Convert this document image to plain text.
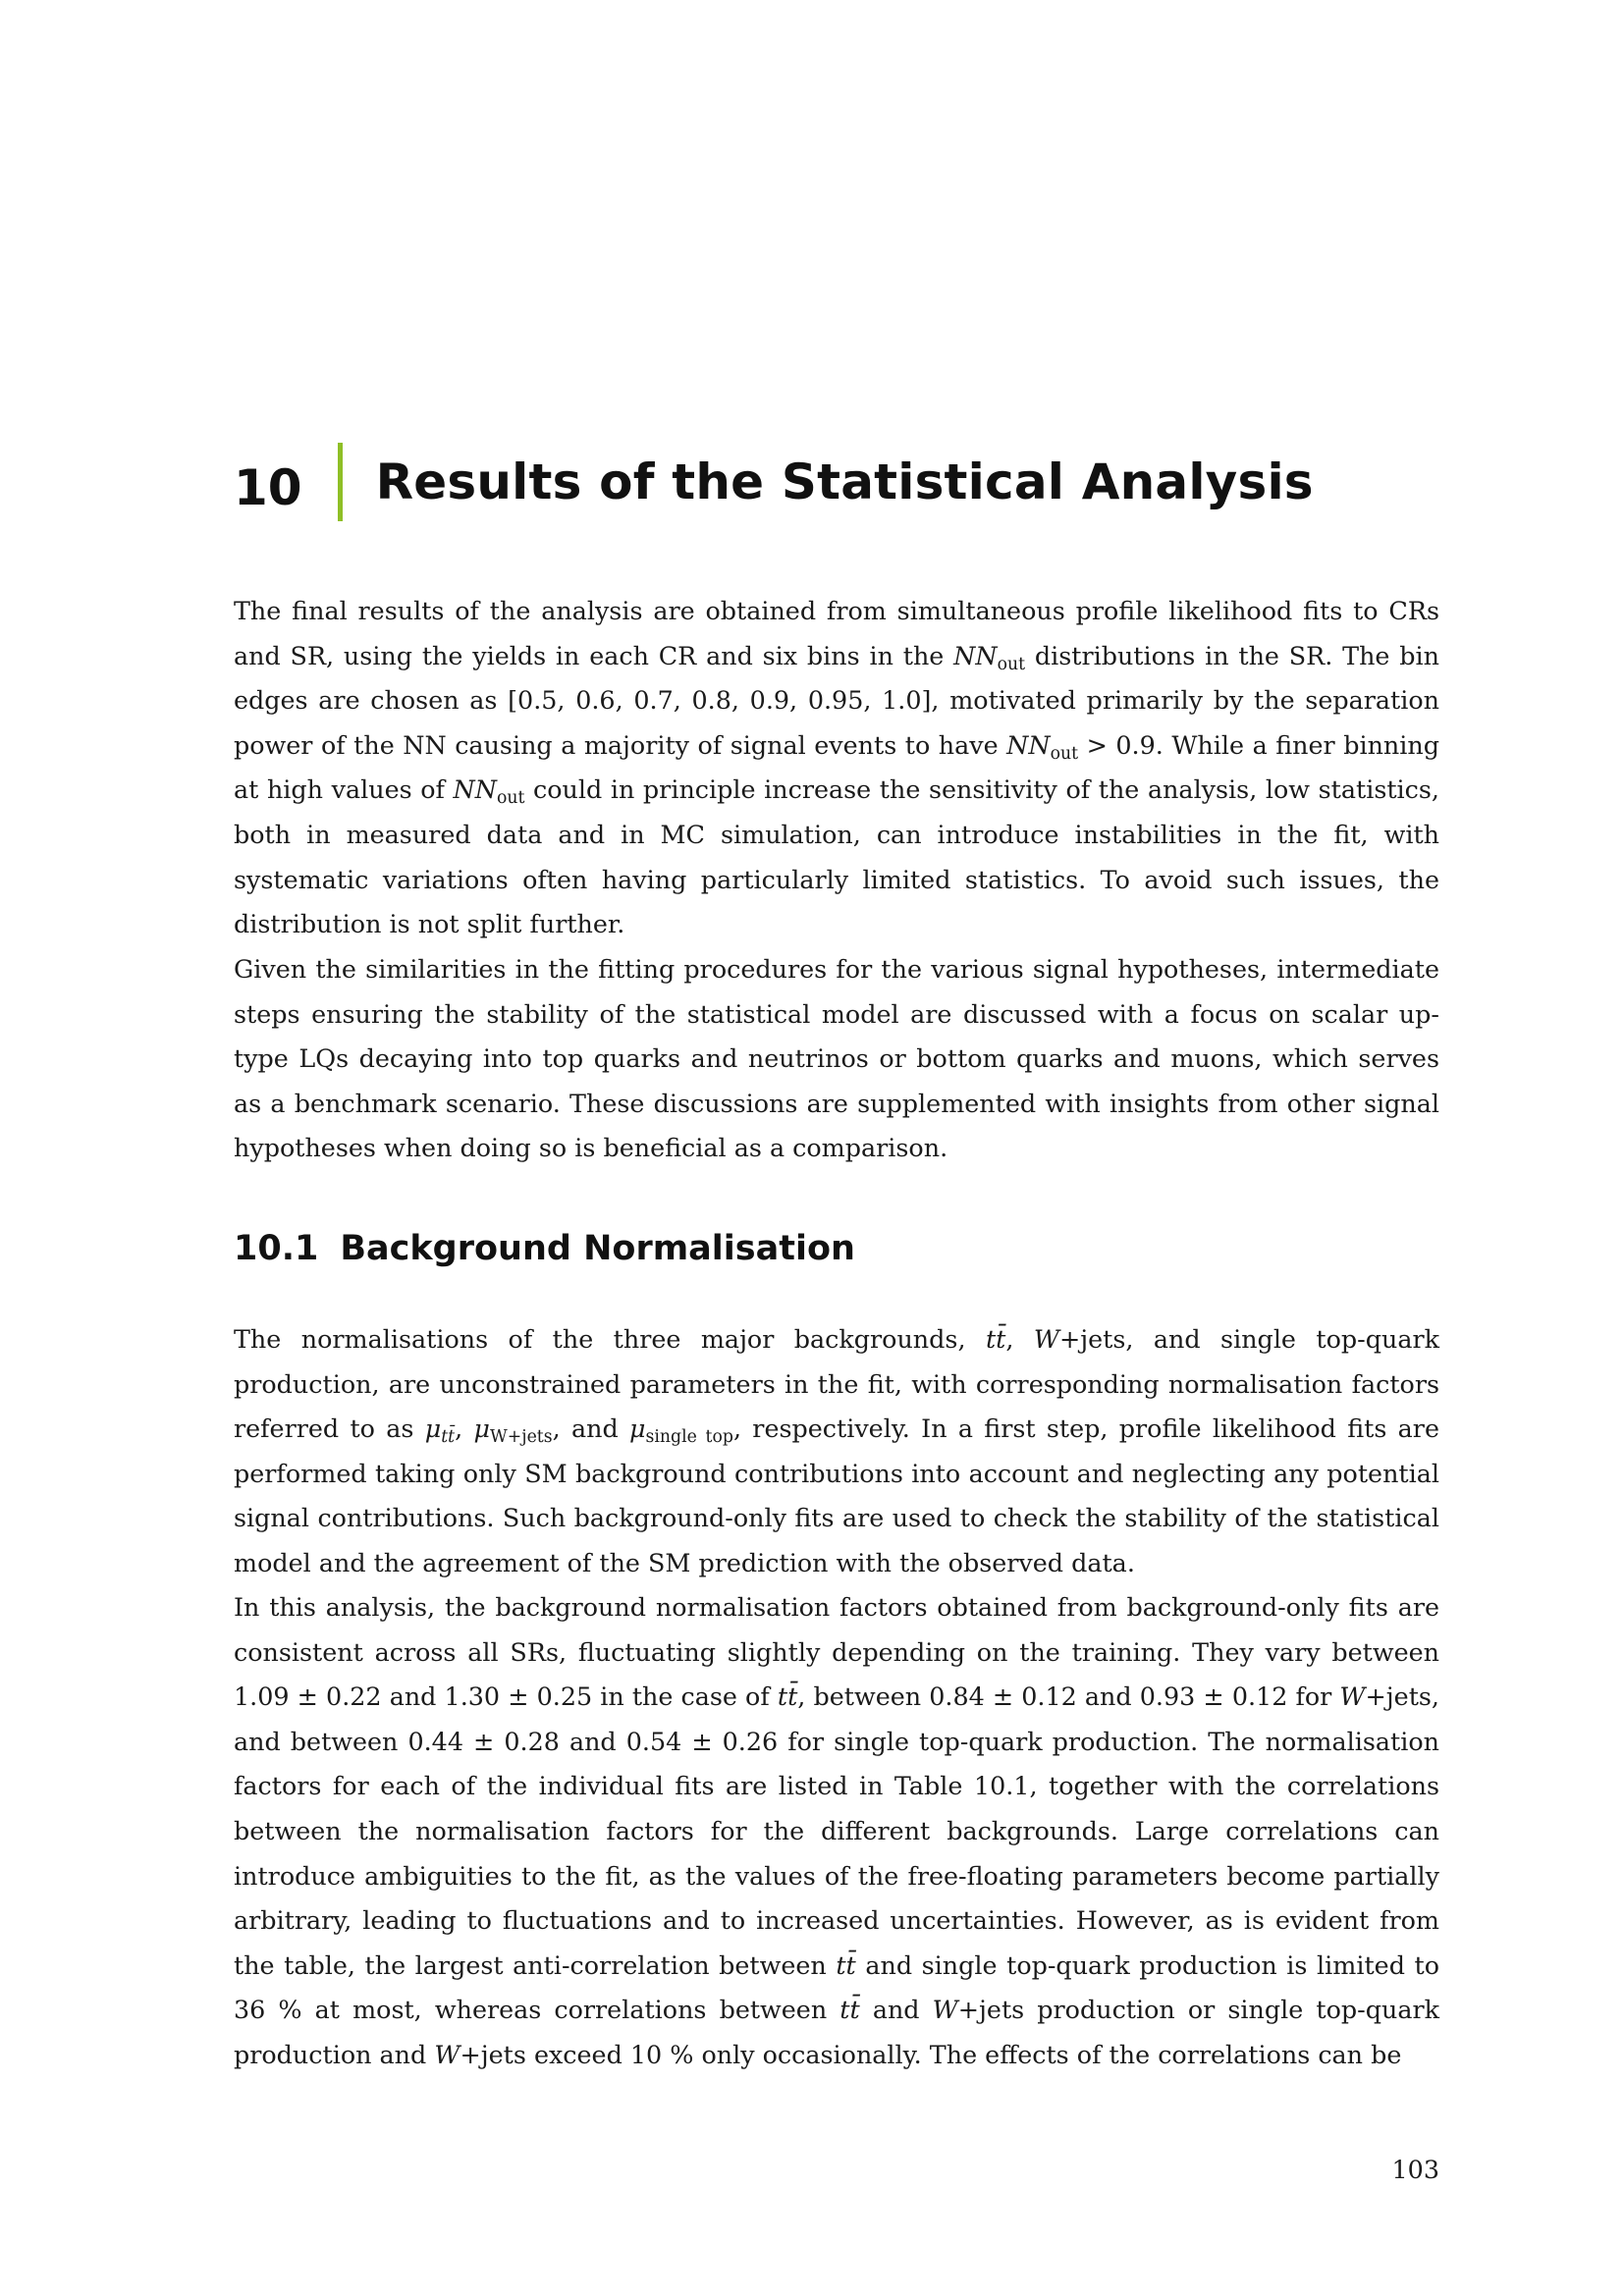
10 Results of the Statistical Analysis

The final results of the analysis are obtained from simultaneous profile likelihood fits to CRs and SR, using the yields in each CR and six bins in the $NN_{out}$ distributions in the SR. The bin edges are chosen as [0.5, 0.6, 0.7, 0.8, 0.9, 0.95, 1.0], motivated primarily by the separation power of the NN causing a majority of signal events to have $NN_{out} > 0.9$. While a finer binning at high values of $NN_{out}$ could in principle increase the sensitivity of the analysis, low statistics, both in measured data and in MC simulation, can introduce instabilities in the fit, with systematic variations often having particularly limited statistics. To avoid such issues, the distribution is not split further.

Given the similarities in the fitting procedures for the various signal hypotheses, intermediate steps ensuring the stability of the statistical model are discussed with a focus on scalar up-type LQs decaying into top quarks and neutrinos or bottom quarks and muons, which serves as a benchmark scenario. These discussions are supplemented with insights from other signal hypotheses when doing so is beneficial as a comparison.

10.1 Background Normalisation

The normalisations of the three major backgrounds, tt̄, W+jets, and single top-quark production, are unconstrained parameters in the fit, with corresponding normalisation factors referred to as $\mu_{tt̄}$, $\mu_{W+jets}$, and $\mu_{single top}$, respectively. In a first step, profile likelihood fits are performed taking only SM background contributions into account and neglecting any potential signal contributions. Such background-only fits are used to check the stability of the statistical model and the agreement of the SM prediction with the observed data.

In this analysis, the background normalisation factors obtained from background-only fits are consistent across all SRs, fluctuating slightly depending on the training. They vary between 1.09 ± 0.22 and 1.30 ± 0.25 in the case of tt̄, between 0.84 ± 0.12 and 0.93 ± 0.12 for W+jets, and between 0.44 ± 0.28 and 0.54 ± 0.26 for single top-quark production. The normalisation factors for each of the individual fits are listed in Table 10.1, together with the correlations between the normalisation factors for the different backgrounds. Large correlations can introduce ambiguities to the fit, as the values of the free-floating parameters become partially arbitrary, leading to fluctuations and to increased uncertainties. However, as is evident from the table, the largest anti-correlation between tt̄ and single top-quark production is limited to 36 % at most, whereas correlations between tt̄ and W+jets production or single top-quark production and W+jets exceed 10 % only occasionally. The effects of the correlations can be

103
